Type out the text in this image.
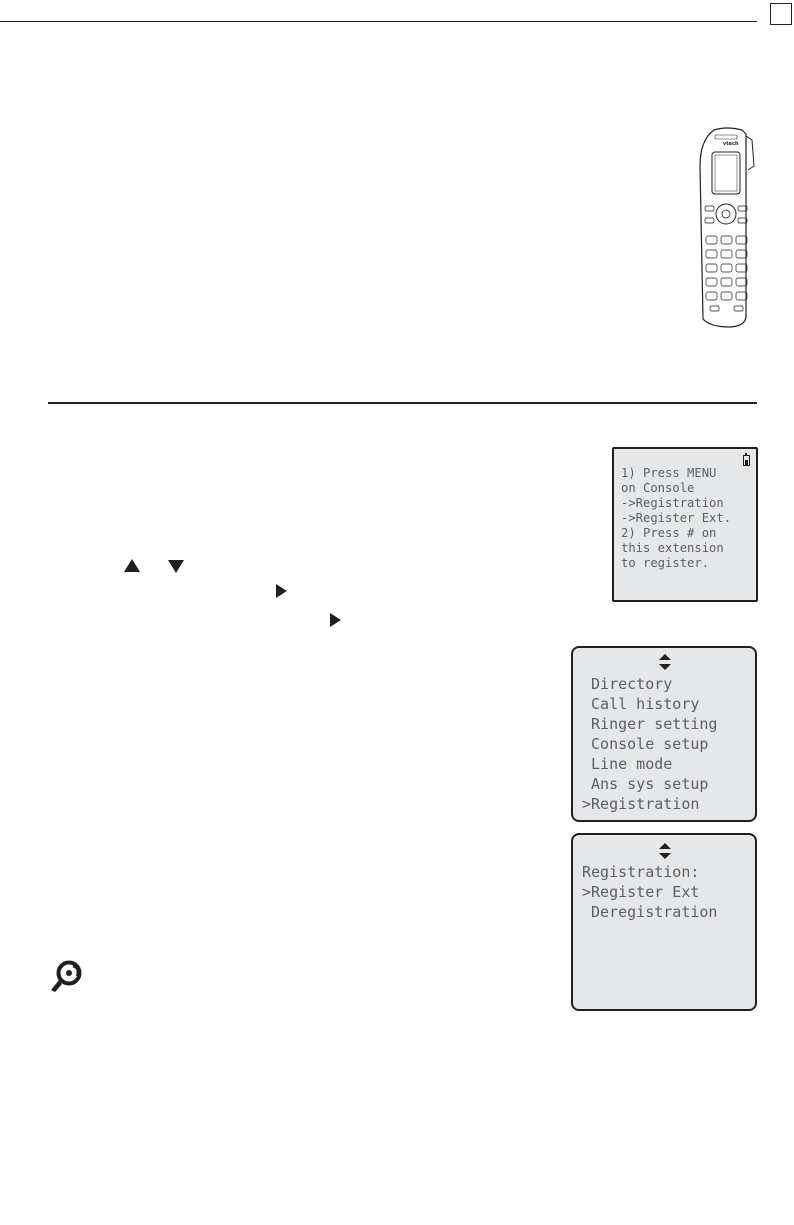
vtech
1) Press MENU
on Console
->Registration
->Register Ext.
2) Press # on
this extension
to register.
Directory
Call history
Ringer setting
Console setup
Line mode
Ans sys setup
>Registration
Registration:
>Register Ext
Deregistration
